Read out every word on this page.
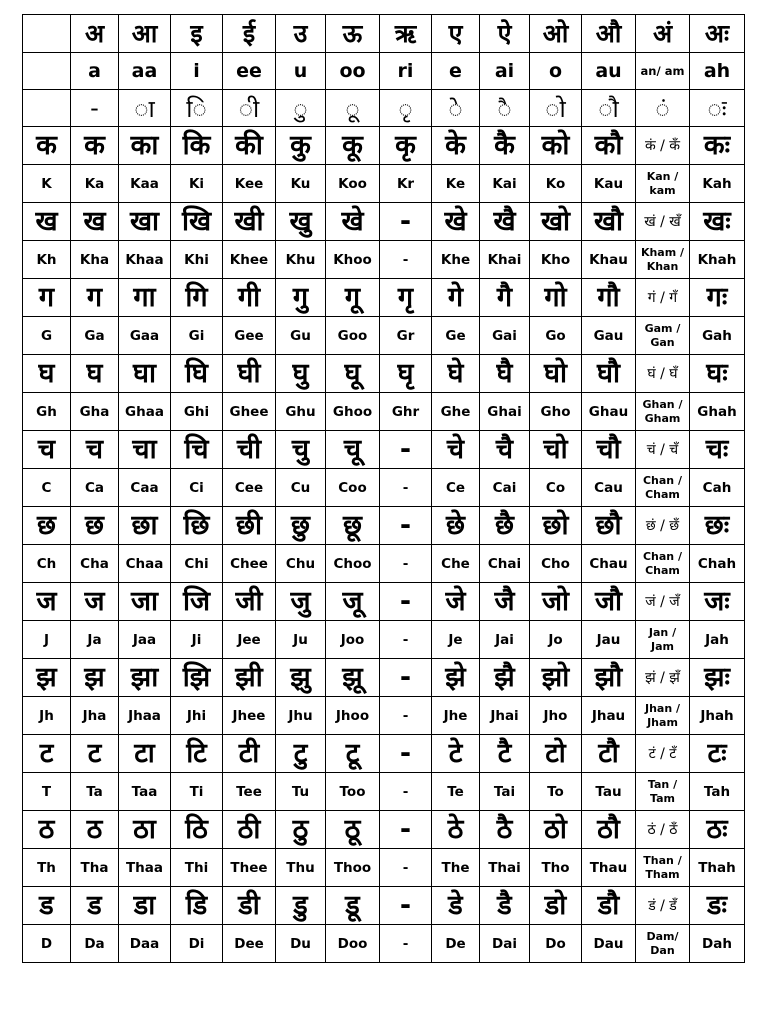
	अ	आ	इ	ई	उ	ऊ	ऋ	ए	ऐ	ओ	औ	अं	अः
	a	aa	i	ee	u	oo	ri	e	ai	o	au	an/ am	ah
	-	ा	ि	ी	ु	ू	ृ	े	ै	ो	ौ	ं	ः
क	क	का	कि	की	कु	कू	कृ	के	कै	को	कौ	कं / कँ	कः
K	Ka	Kaa	Ki	Kee	Ku	Koo	Kr	Ke	Kai	Ko	Kau	Kan / kam	Kah
ख	ख	खा	खि	खी	खु	खे	-	खे	खै	खो	खौ	खं / खँ	खः
Kh	Kha	Khaa	Khi	Khee	Khu	Khoo	-	Khe	Khai	Kho	Khau	Kham / Khan	Khah
ग	ग	गा	गि	गी	गु	गू	गृ	गे	गै	गो	गौ	गं / गँ	गः
G	Ga	Gaa	Gi	Gee	Gu	Goo	Gr	Ge	Gai	Go	Gau	Gam / Gan	Gah
घ	घ	घा	घि	घी	घु	घू	घृ	घे	घै	घो	घौ	घं / घँ	घः
Gh	Gha	Ghaa	Ghi	Ghee	Ghu	Ghoo	Ghr	Ghe	Ghai	Gho	Ghau	Ghan / Gham	Ghah
च	च	चा	चि	ची	चु	चू	-	चे	चै	चो	चौ	चं / चँ	चः
C	Ca	Caa	Ci	Cee	Cu	Coo	-	Ce	Cai	Co	Cau	Chan / Cham	Cah
छ	छ	छा	छि	छी	छु	छू	-	छे	छै	छो	छौ	छं / छँ	छः
Ch	Cha	Chaa	Chi	Chee	Chu	Choo	-	Che	Chai	Cho	Chau	Chan / Cham	Chah
ज	ज	जा	जि	जी	जु	जू	-	जे	जै	जो	जौ	जं / जँ	जः
J	Ja	Jaa	Ji	Jee	Ju	Joo	-	Je	Jai	Jo	Jau	Jan / Jam	Jah
झ	झ	झा	झि	झी	झु	झू	-	झे	झै	झो	झौ	झं / झँ	झः
Jh	Jha	Jhaa	Jhi	Jhee	Jhu	Jhoo	-	Jhe	Jhai	Jho	Jhau	Jhan / Jham	Jhah
ट	ट	टा	टि	टी	टु	टू	-	टे	टै	टो	टौ	टं / टँ	टः
T	Ta	Taa	Ti	Tee	Tu	Too	-	Te	Tai	To	Tau	Tan / Tam	Tah
ठ	ठ	ठा	ठि	ठी	ठु	ठू	-	ठे	ठै	ठो	ठौ	ठं / ठँ	ठः
Th	Tha	Thaa	Thi	Thee	Thu	Thoo	-	The	Thai	Tho	Thau	Than / Tham	Thah
ड	ड	डा	डि	डी	डु	डू	-	डे	डै	डो	डौ	डं / डँ	डः
D	Da	Daa	Di	Dee	Du	Doo	-	De	Dai	Do	Dau	Dam/ Dan	Dah
